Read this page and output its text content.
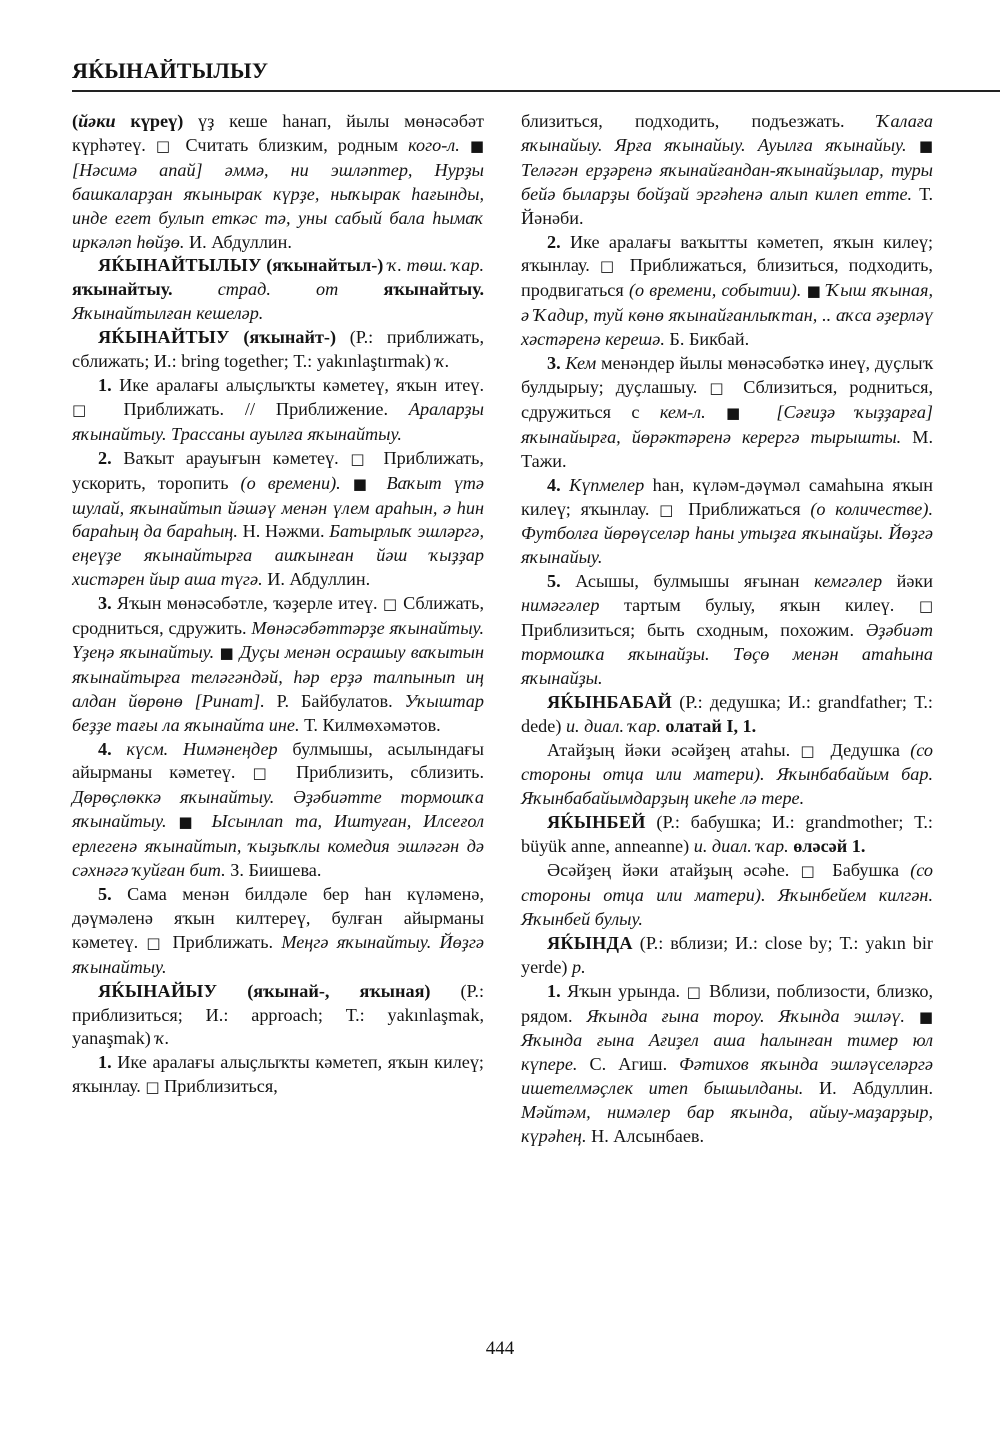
ЯЌЫНАЙТЫЛЫУ

(йәки күреү) үҙ кеше һанап, йылы мөнәсәбәт күрһәтеү. □ Считать близким, родным кого-л. ■ [Нәсимә апай] әммә, ни эшләптер, Нурҙы башкаларҙан яҡынырак күрҙе, ныҡырак һағынды, инде егет булып еткәс тә, уны сабый бала һымаҡ иркәләп һөйҙө. И. Абдуллин.

ЯЌЫНАЙТЫЛЫУ (яҡынайтыл-) ҡ. төш. ҡар. яҡынайтыу. страд. от яҡынайтыу. Яҡынайтылған кешеләр.

ЯЌЫНАЙТЫУ (яҡынайт-) (Р.: приближать, сближать; И.: bring together; Т.: yakınlaştırmak) ҡ.

1. Ике аралағы алыҫлыҡты кәметеү, яҡын итеү. □ Приближать. // Приближение. Араларҙы яҡынайтыу. Трассаны ауылға яҡынайтыу.

2. Ваҡыт арауығын кәметеү. □ Приближать, ускорить, торопить (о времени). ■ Ваҡыт үтә шулай, яҡынайтып йәшәү менән үлем араһын, ә һин бараһың да бараһың. Н. Нәжми. Батырлыҡ эшләргә, еңеүҙе яҡынайтырға ашҡынған йәш ҡыҙҙар хистәрен йыр аша түгә. И. Абдуллин.

3. Яҡын мөнәсәбәтле, ҡәҙерле итеү. □ Сближать, сродниться, сдружить. Мөнәсәбәттәрҙе яҡынайтыу. Үҙеңә яҡынайтыу. ■ Дуҫы менән осрашыу ваҡытын яҡынайтырға теләгәндәй, һәр ерҙә талпынып иң алдан йөрөнө [Ринат]. Р. Байбулатов. Уҡыштар беҙҙе тағы ла яҡынайта ине. Т. Килмөхәмәтов.

4. күсм. Нимәнеңдер булмышы, асылындағы айырманы кәметеү. □ Приблизить, сблизить. Дөрөҫлөккә яҡынайтыу. Әҙәбиәтте тормошҡа яҡынайтыу. ■ Ысынлап та, Иштуған, Илсеғол ерлегенә яҡынайтып, ҡыҙыҡлы комедия эшләгән дә сәхнәгә ҡуйған бит. З. Биишева.

5. Сама менән билдәле бер һан күләменә, дәүмәленә яҡын килтереү, булған айырманы кәметеү. □ Приближать. Меңгә яҡынайтыу. Йөҙгә яҡынайтыу.

ЯЌЫНАЙЫУ (яҡынай-, яҡыная) (Р.: приблизиться; И.: approach; Т.: yakınlaşmak, yanaşmak) ҡ.

1. Ике аралағы алыҫлыҡты кәметеп, яҡын килеү; яҡынлау. □ Приблизиться,

близиться, подходить, подъезжать. Ҡалаға яҡынайыу. Ярға яҡынайыу. Ауылға яҡынайыу. ■ Теләгән ерҙәренә яҡынайғандан-яҡынайҙылар, туры бейә быларҙы бойҙай эргәһенә алып килеп етте. Т. Йәнәби.

2. Ике аралағы ваҡытты кәметеп, яҡын килеү; яҡынлау. □ Приближаться, близиться, подходить, продвигаться (о времени, событии). ■ Ҡыш яҡыная, ә Ҡадир, туй көнө яҡынайғанлыҡтан, .. аҡса әҙерләү хәстәренә керешә. Б. Бикбай.

3. Кем менәндер йылы мөнәсәбәткә инеү, дуҫлыҡ булдырыу; дуҫлашыу. □ Сблизиться, родниться, сдружиться с кем-л. ■ [Сәғиҙә ҡыҙҙарға] яҡынайырға, йөрәктәренә керергә тырышты. М. Тажи.

4. Күпмелер һан, күләм-дәүмәл самаһына яҡын килеү; яҡынлау. □ Приближаться (о количестве). Футболға йөрөүселәр һаны утыҙға яҡынайҙы. Йөҙгә яҡынайыу.

5. Асышы, булмышы яғынан кемгәлер йәки нимәгәлер тартым булыу, яҡын килеү. □ Приблизиться; быть сходным, похожим. Әҙәбиәт тормошҡа яҡынайҙы. Төҫө менән атаһына яҡынайҙы.

ЯЌЫНБАБАЙ (Р.: дедушка; И.: grandfather; Т.: dede) и. диал. ҡар. олатай I, 1.

Атайҙың йәки әсәйҙең атаһы. □ Дедушка (со стороны отца или матери). Яҡынбабайым бар. Яҡынбабайымдарҙың икеһе лә тере.

ЯЌЫНБЕЙ (Р.: бабушка; И.: grandmother; Т.: büyük anne, anneanne) и. диал. ҡар. өләсәй 1.

Әсәйҙең йәки атайҙың әсәһе. □ Бабушка (со стороны отца или матери). Яҡынбейем килгән. Яҡынбей булыу.

ЯЌЫНДА (Р.: вблизи; И.: close by; Т.: yakın bir yerde) р.

1. Яҡын урында. □ Вблизи, поблизости, близко, рядом. Яҡында ғына тороу. Яҡында эшләү. ■ Яҡында ғына Ағиҙел аша һалынған тимер юл күпере. С. Агиш. Фәтихов яҡында эшләүселәргә ишетелмәҫлек итеп бышылданы. И. Абдуллин. Мәйтәм, нимәлер бар яҡында, айыу-маҙарҙыр, күрәһең. Н. Алсынбаев.

444
